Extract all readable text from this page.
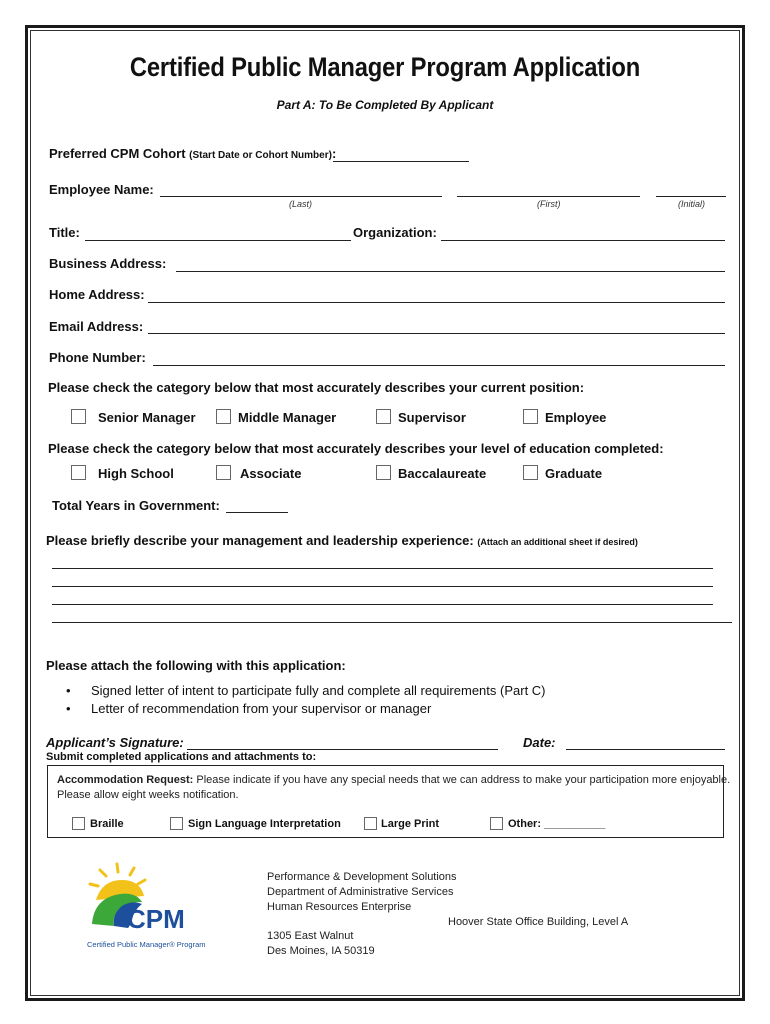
Certified Public Manager Program Application
Part A: To Be Completed By Applicant
Preferred CPM Cohort (Start Date or Cohort Number):
Employee Name:
(Last)	(First)	(Initial)
Title:	Organization:
Business Address:
Home Address:
Email Address:
Phone Number:
Please check the category below that most accurately describes your current position:
Senior Manager	Middle Manager	Supervisor	Employee
Please check the category below that most accurately describes your level of education completed:
High School	Associate	Baccalaureate	Graduate
Total Years in Government:
Please briefly describe your management and leadership experience: (Attach an additional sheet if desired)
Please attach the following with this application:
• Signed letter of intent to participate fully and complete all requirements (Part C)
• Letter of recommendation from your supervisor or manager
Applicant’s Signature:	Date:
Submit completed applications and attachments to:
Accommodation Request: Please indicate if you have any special needs that we can address to make your participation more enjoyable.
Please allow eight weeks notification.
Braille	Sign Language Interpretation	Large Print	Other: __________
CPM
Certified Public Manager® Program
Performance & Development Solutions
Department of Administrative Services
Human Resources Enterprise
Hoover State Office Building, Level A
1305 East Walnut
Des Moines, IA 50319
